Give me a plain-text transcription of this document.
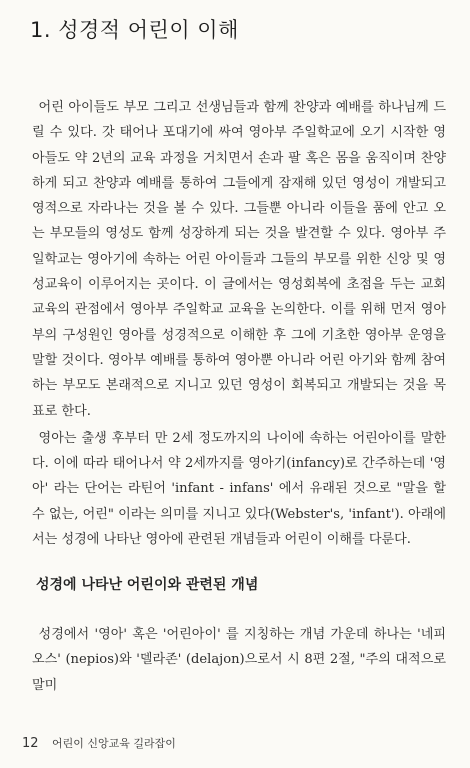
1. 성경적 어린이 이해

어린 아이들도 부모 그리고 선생님들과 함께 찬양과 예배를 하나님께 드릴 수 있다. 갓 태어나 포대기에 싸여 영아부 주일학교에 오기 시작한 영아들도 약 2년의 교육 과정을 거치면서 손과 팔 혹은 몸을 움직이며 찬양하게 되고 찬양과 예배를 통하여 그들에게 잠재해 있던 영성이 개발되고 영적으로 자라나는 것을 볼 수 있다. 그들뿐 아니라 이들을 품에 안고 오는 부모들의 영성도 함께 성장하게 되는 것을 발견할 수 있다. 영아부 주일학교는 영아기에 속하는 어린 아이들과 그들의 부모를 위한 신앙 및 영성교육이 이루어지는 곳이다. 이 글에서는 영성회복에 초점을 두는 교회교육의 관점에서 영아부 주일학교 교육을 논의한다. 이를 위해 먼저 영아부의 구성원인 영아를 성경적으로 이해한 후 그에 기초한 영아부 운영을 말할 것이다. 영아부 예배를 통하여 영아뿐 아니라 어린 아기와 함께 참여하는 부모도 본래적으로 지니고 있던 영성이 회복되고 개발되는 것을 목표로 한다.

영아는 출생 후부터 만 2세 정도까지의 나이에 속하는 어린아이를 말한다. 이에 따라 태어나서 약 2세까지를 영아기(infancy)로 간주하는데 '영아' 라는 단어는 라틴어 'infant - infans' 에서 유래된 것으로 "말을 할 수 없는, 어린" 이라는 의미를 지니고 있다(Webster's, 'infant'). 아래에서는 성경에 나타난 영아에 관련된 개념들과 어린이 이해를 다룬다.

성경에 나타난 어린이와 관련된 개념

성경에서 '영아' 혹은 '어린아이' 를 지칭하는 개념 가운데 하나는 '네피오스' (nepios)와 '델라존' (delajon)으로서 시 8편 2절, "주의 대적으로 말미

12 어린이 신앙교육 길라잡이
